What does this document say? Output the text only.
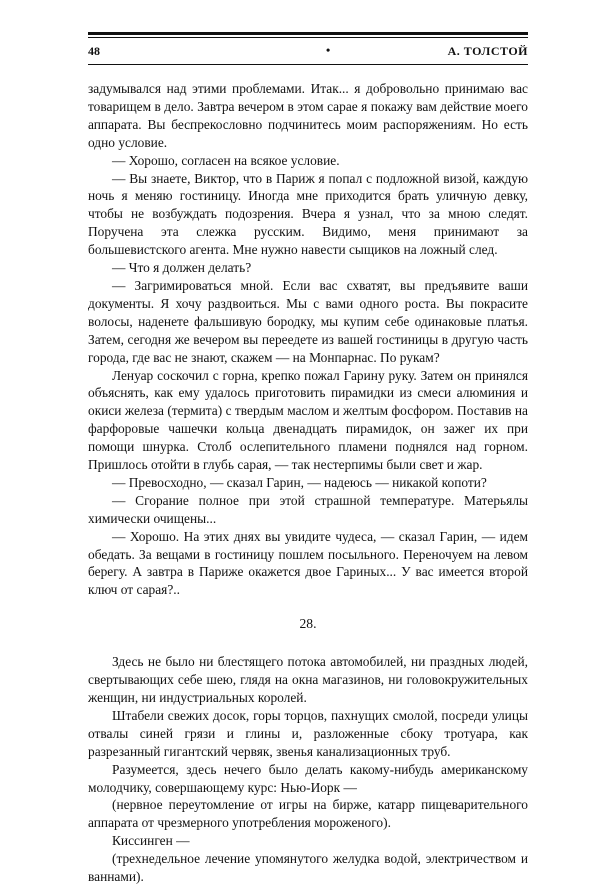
48	•	А. ТОЛСТОЙ

задумывался над этими проблемами. Итак... я добровольно принимаю вас товарищем в дело. Завтра вечером в этом сарае я покажу вам действие моего аппарата. Вы беспрекословно подчинитесь моим распоряжениям. Но есть одно условие.

— Хорошо, согласен на всякое условие.

— Вы знаете, Виктор, что в Париж я попал с подложной визой, каждую ночь я меняю гостиницу. Иногда мне приходится брать уличную девку, чтобы не возбуждать подозрения. Вчера я узнал, что за мною следят. Поручена эта слежка русским. Видимо, меня принимают за большевистского агента. Мне нужно навести сыщиков на ложный след.

— Что я должен делать?

— Загримироваться мной. Если вас схватят, вы предъявите ваши документы. Я хочу раздвоиться. Мы с вами одного роста. Вы покрасите волосы, наденете фальшивую бородку, мы купим себе одинаковые платья. Затем, сегодня же вечером вы переедете из вашей гостиницы в другую часть города, где вас не знают, скажем — на Монпарнас. По рукам?

Ленуар соскочил с горна, крепко пожал Гарину руку. Затем он принялся объяснять, как ему удалось приготовить пирамидки из смеси алюминия и окиси железа (термита) с твердым маслом и желтым фосфором. Поставив на фарфоровые чашечки кольца двенадцать пирамидок, он зажег их при помощи шнурка. Столб ослепительного пламени поднялся над горном. Пришлось отойти в глубь сарая, — так нестерпимы были свет и жар.

— Превосходно, — сказал Гарин, — надеюсь — никакой копоти?

— Сгорание полное при этой страшной температуре. Матерьялы химически очищены...

— Хорошо. На этих днях вы увидите чудеса, — сказал Гарин, — идем обедать. За вещами в гостиницу пошлем посыльного. Переночуем на левом берегу. А завтра в Париже окажется двое Гариных... У вас имеется второй ключ от сарая?..

28.

Здесь не было ни блестящего потока автомобилей, ни праздных людей, свертывающих себе шею, глядя на окна магазинов, ни головокружительных женщин, ни индустриальных королей.

Штабели свежих досок, горы торцов, пахнущих смолой, посреди улицы отвалы синей грязи и глины и, разложенные сбоку тротуара, как разрезанный гигантский червяк, звенья канализационных труб.

Разумеется, здесь нечего было делать какому-нибудь американскому молодчику, совершающему курс: Нью-Иорк —

(нервное переутомление от игры на бирже, катарр пищеварительного аппарата от чрезмерного употребления мороженого).

Киссинген —

(трехнедельное лечение упомянутого желудка водой, электричеством и ваннами).
